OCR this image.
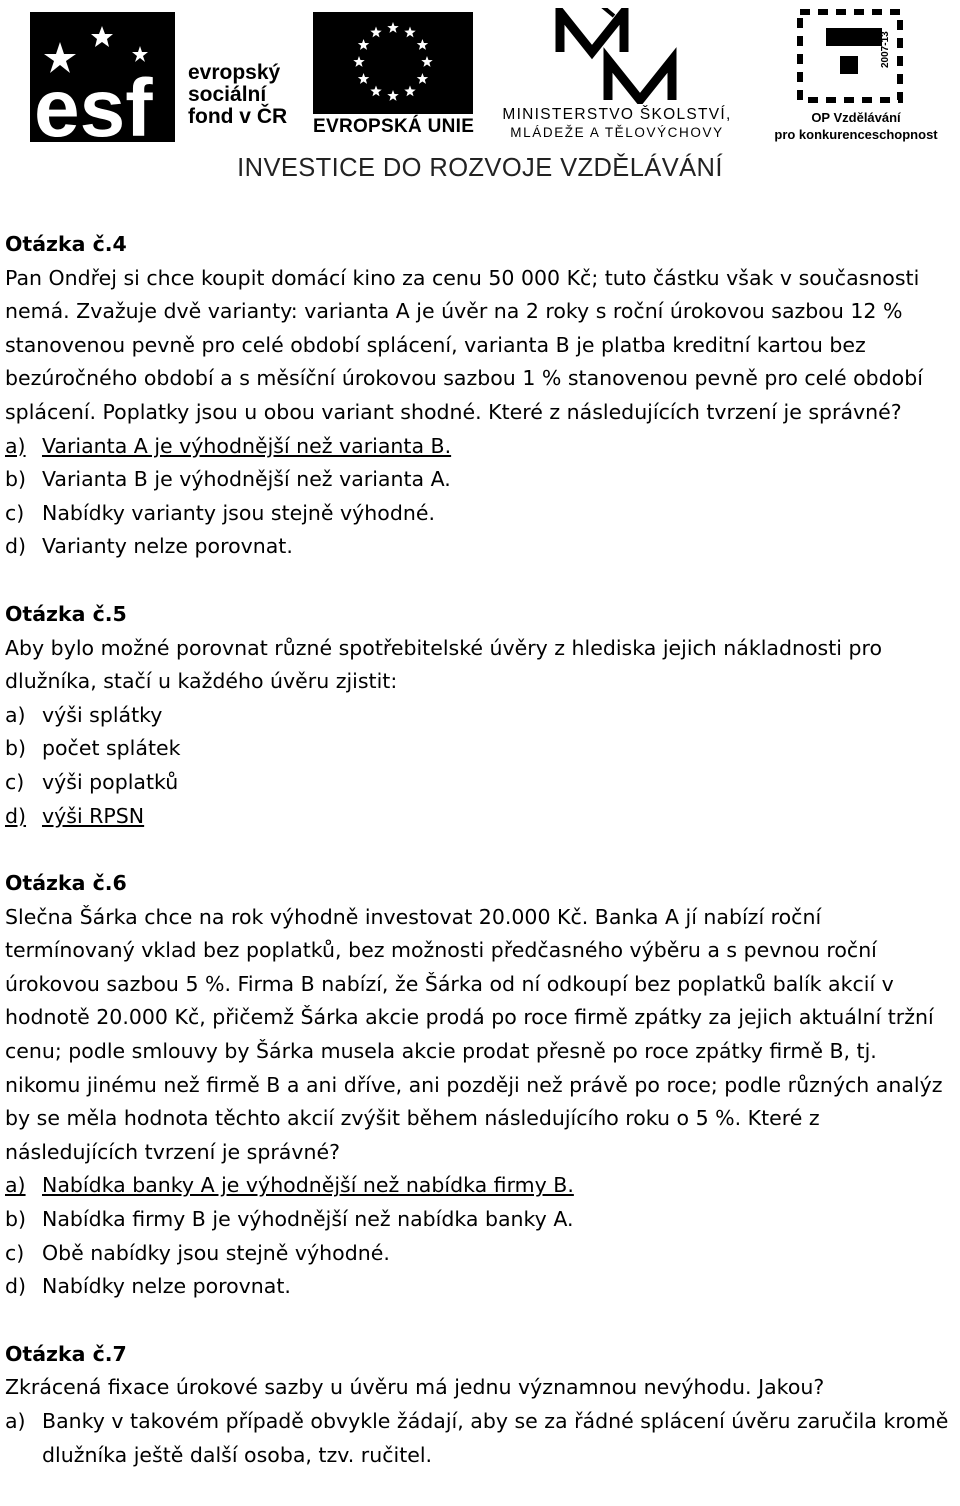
esf evropský
sociální
fond v ČR EVROPSKÁ UNIE
MINISTERSTVO ŠKOLSTVÍ,
MLÁDEŽE A TĚLOVÝCHOVY
2007-13
OP Vzdělávání
pro konkurenceschopnost
INVESTICE DO ROZVOJE VZDĚLÁVÁNÍ
Otázka č.4
Pan Ondřej si chce koupit domácí kino za cenu 50 000 Kč; tuto částku však v současnosti nemá. Zvažuje dvě varianty: varianta A je úvěr na 2 roky s roční úrokovou sazbou 12 % stanovenou pevně pro celé období splácení, varianta B je platba kreditní kartou bez bezúročného období a s měsíční úrokovou sazbou 1 % stanovenou pevně pro celé období splácení. Poplatky jsou u obou variant shodné. Které z následujících tvrzení je správné?
a) Varianta A je výhodnější než varianta B.
b) Varianta B je výhodnější než varianta A.
c) Nabídky varianty jsou stejně výhodné.
d) Varianty nelze porovnat.
Otázka č.5
Aby bylo možné porovnat různé spotřebitelské úvěry z hlediska jejich nákladnosti pro dlužníka, stačí u každého úvěru zjistit:
a) výši splátky
b) počet splátek
c) výši poplatků
d) výši RPSN
Otázka č.6
Slečna Šárka chce na rok výhodně investovat 20.000 Kč. Banka A jí nabízí roční termínovaný vklad bez poplatků, bez možnosti předčasného výběru a s pevnou roční úrokovou sazbou 5 %. Firma B nabízí, že Šárka od ní odkoupí bez poplatků balík akcií v hodnotě 20.000 Kč, přičemž Šárka akcie prodá po roce firmě zpátky za jejich aktuální tržní cenu; podle smlouvy by Šárka musela akcie prodat přesně po roce zpátky firmě B, tj. nikomu jinému než firmě B a ani dříve, ani později než právě po roce; podle různých analýz by se měla hodnota těchto akcií zvýšit během následujícího roku o 5 %. Které z následujících tvrzení je správné?
a) Nabídka banky A je výhodnější než nabídka firmy B.
b) Nabídka firmy B je výhodnější než nabídka banky A.
c) Obě nabídky jsou stejně výhodné.
d) Nabídky nelze porovnat.
Otázka č.7
Zkrácená fixace úrokové sazby u úvěru má jednu významnou nevýhodu. Jakou?
a) Banky v takovém případě obvykle žádají, aby se za řádné splácení úvěru zaručila kromě dlužníka ještě další osoba, tzv. ručitel.
